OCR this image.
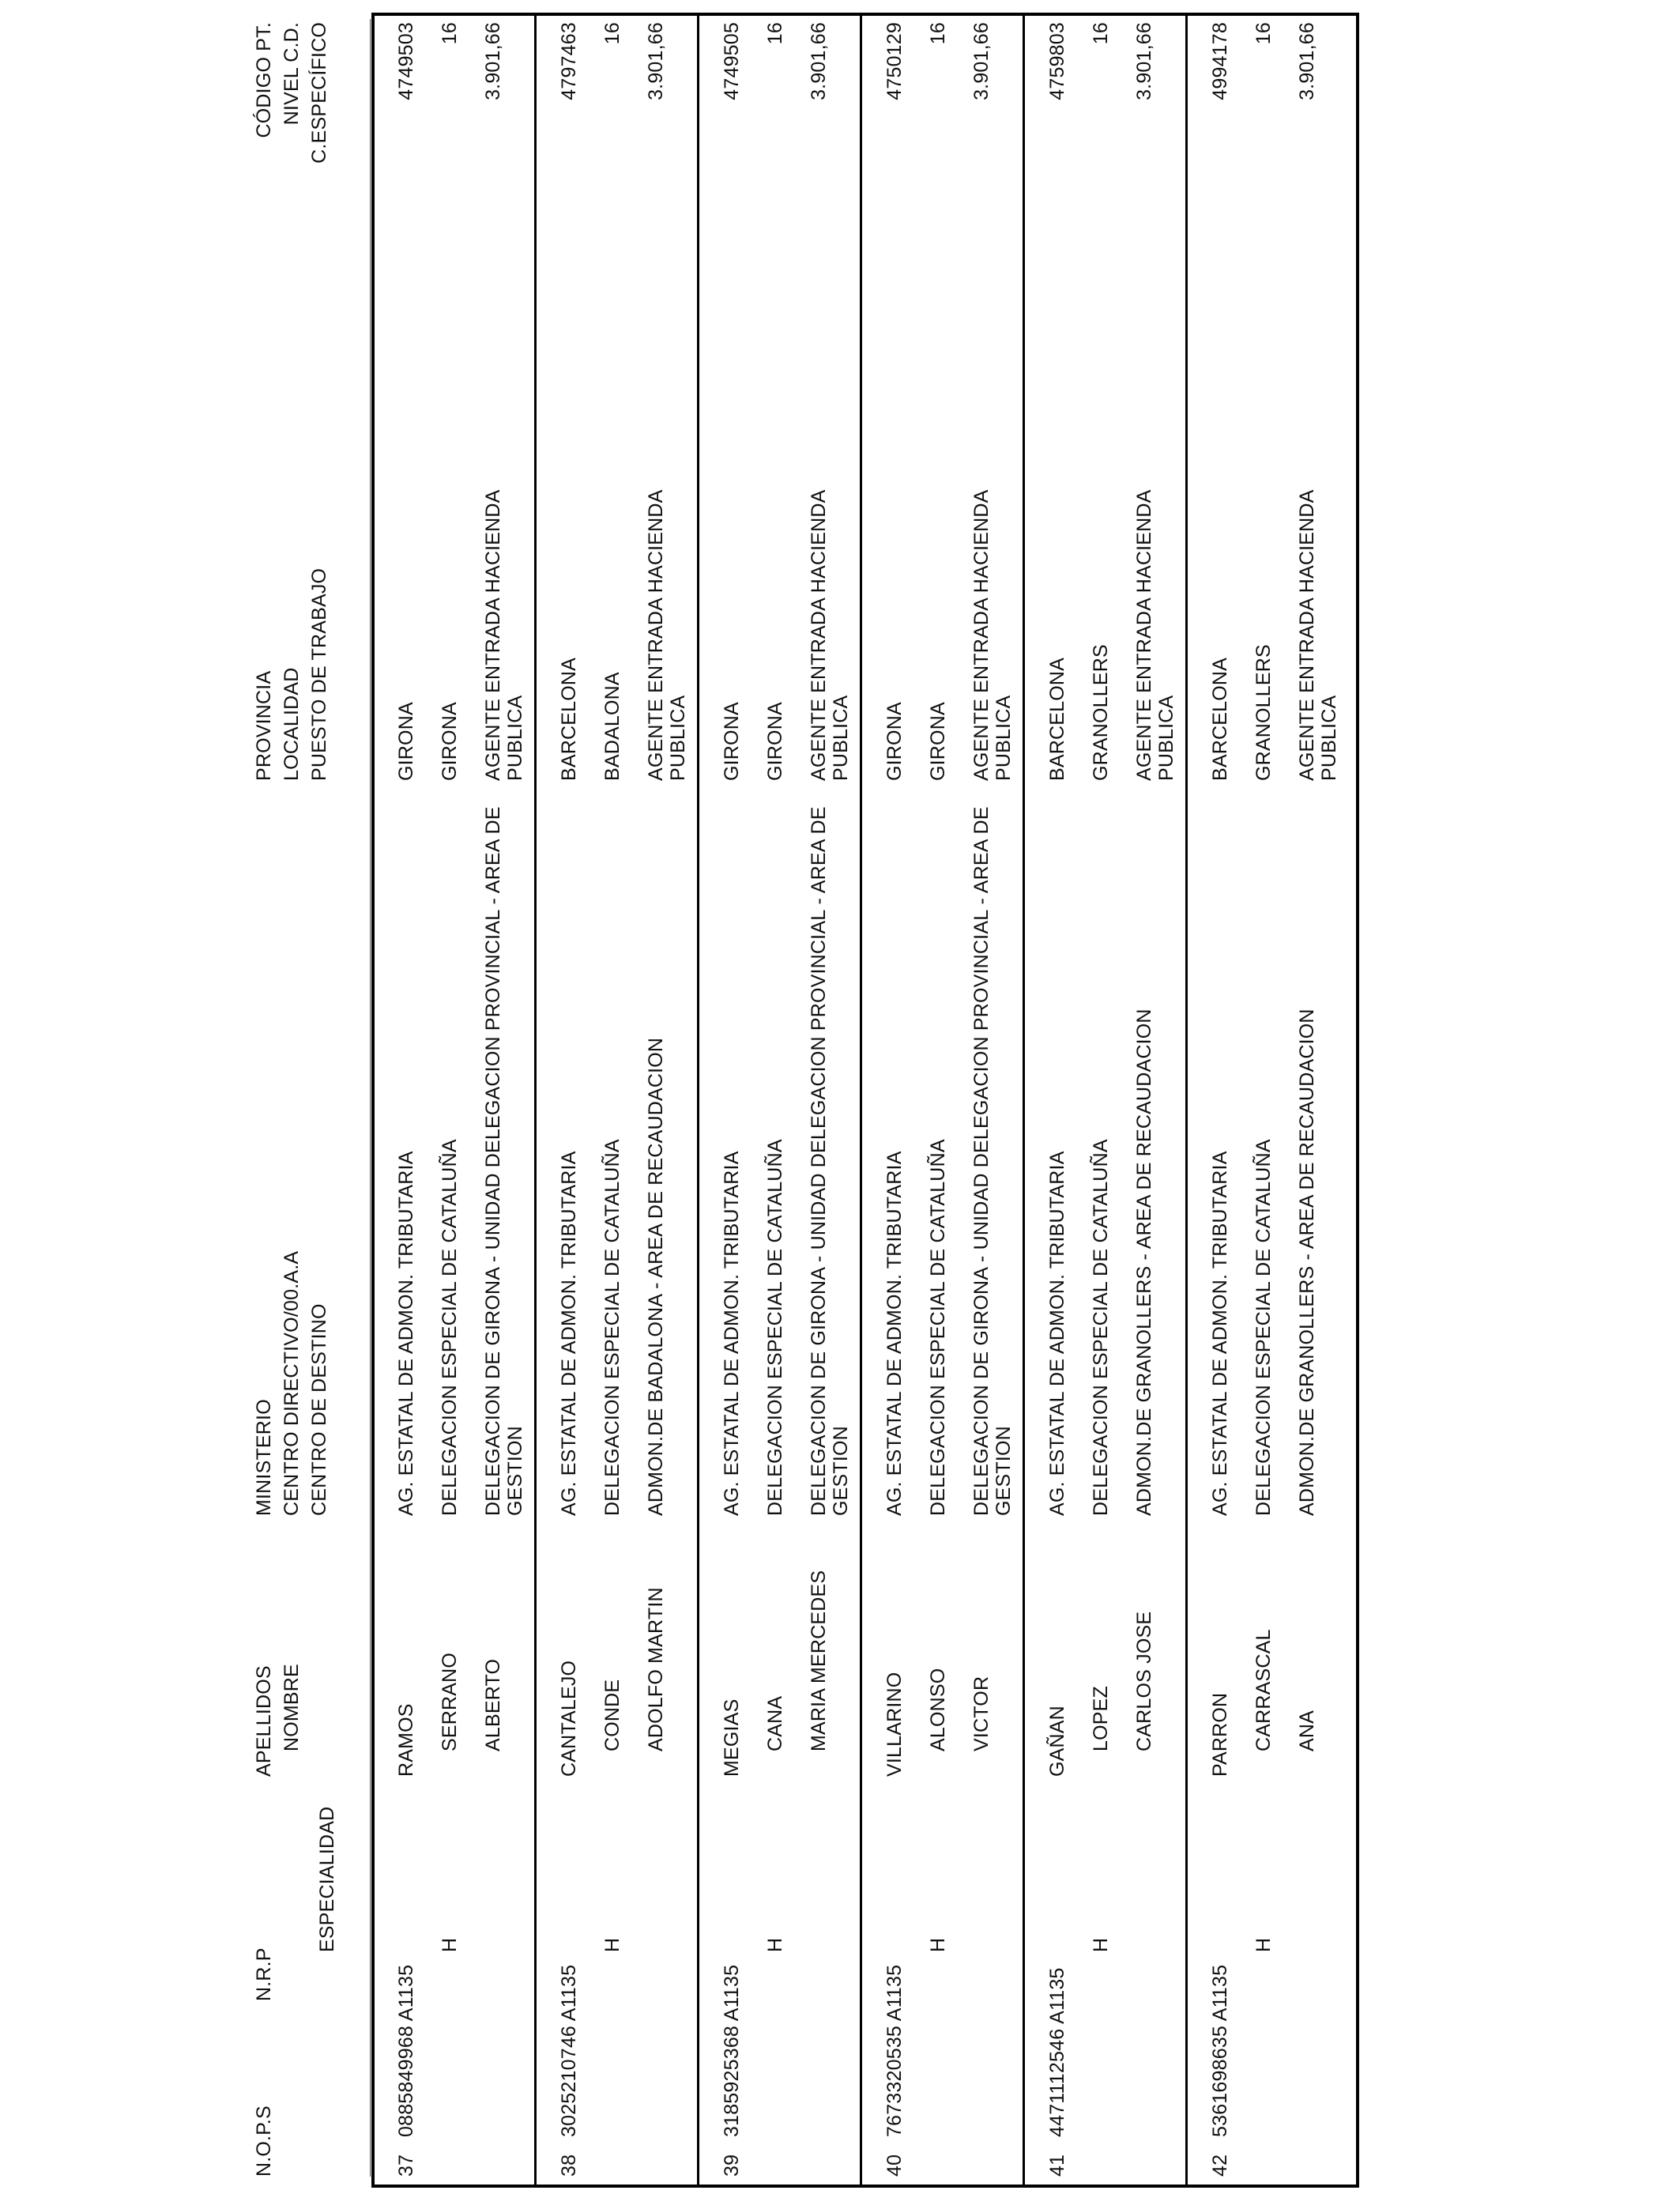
N.O.P.S
N.R.P
ESPECIALIDAD
APELLIDOS NOMBRE
MINISTERIO CENTRO DIRECTIVO/00.A.A CENTRO DE DESTINO
PROVINCIA LOCALIDAD PUESTO DE TRABAJO
CÓDIGO PT. NIVEL C.D. C.ESPECÍFICO
37
0885849968 A1135
H
RAMOS SERRANO ALBERTO
AG. ESTATAL DE ADMON. TRIBUTARIA DELEGACION ESPECIAL DE CATALUÑA DELEGACION DE GIRONA - UNIDAD DELEGACION PROVINCIAL - AREA DE GESTION
GIRONA GIRONA AGENTE ENTRADA HACIENDA PUBLICA
4749503 16 3.901,66
38
3025210746 A1135
H
CANTALEJO CONDE ADOLFO MARTIN
AG. ESTATAL DE ADMON. TRIBUTARIA DELEGACION ESPECIAL DE CATALUÑA ADMON.DE BADALONA - AREA DE RECAUDACION
BARCELONA BADALONA AGENTE ENTRADA HACIENDA PUBLICA
4797463 16 3.901,66
39
3185925368 A1135
H
MEGIAS CANA MARIA MERCEDES
AG. ESTATAL DE ADMON. TRIBUTARIA DELEGACION ESPECIAL DE CATALUÑA DELEGACION DE GIRONA - UNIDAD DELEGACION PROVINCIAL - AREA DE GESTION
GIRONA GIRONA AGENTE ENTRADA HACIENDA PUBLICA
4749505 16 3.901,66
40
7673320535 A1135
H
VILLARINO ALONSO VICTOR
AG. ESTATAL DE ADMON. TRIBUTARIA DELEGACION ESPECIAL DE CATALUÑA DELEGACION DE GIRONA - UNIDAD DELEGACION PROVINCIAL - AREA DE GESTION
GIRONA GIRONA AGENTE ENTRADA HACIENDA PUBLICA
4750129 16 3.901,66
41
4471112546 A1135
H
GAÑAN LOPEZ CARLOS JOSE
AG. ESTATAL DE ADMON. TRIBUTARIA DELEGACION ESPECIAL DE CATALUÑA ADMON.DE GRANOLLERS - AREA DE RECAUDACION
BARCELONA GRANOLLERS AGENTE ENTRADA HACIENDA PUBLICA
4759803 16 3.901,66
42
5361698635 A1135
H
PARRON CARRASCAL ANA
AG. ESTATAL DE ADMON. TRIBUTARIA DELEGACION ESPECIAL DE CATALUÑA ADMON.DE GRANOLLERS - AREA DE RECAUDACION
BARCELONA GRANOLLERS AGENTE ENTRADA HACIENDA PUBLICA
4994178 16 3.901,66
